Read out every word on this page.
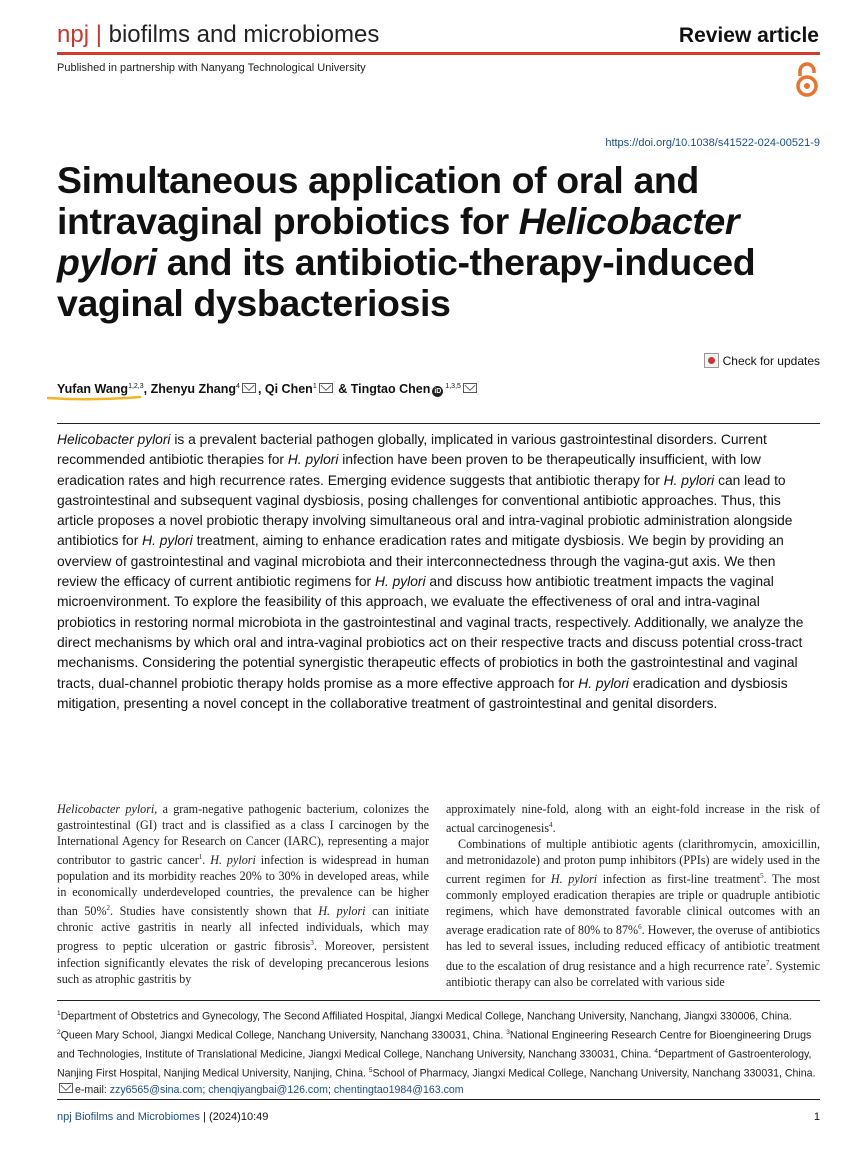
npj | biofilms and microbiomes	Review article
Published in partnership with Nanyang Technological University
https://doi.org/10.1038/s41522-024-00521-9
Simultaneous application of oral and intravaginal probiotics for Helicobacter pylori and its antibiotic-therapy-induced vaginal dysbacteriosis
Check for updates
Yufan Wang$^{1,2,3}$, Zhenyu Zhang$^4$ , Qi Chen$^1$ & Tingtao Chen iD$^{1,3,5}$

Helicobacter pylori is a prevalent bacterial pathogen globally, implicated in various gastrointestinal disorders. Current recommended antibiotic therapies for H. pylori infection have been proven to be therapeutically insufficient, with low eradication rates and high recurrence rates. Emerging evidence suggests that antibiotic therapy for H. pylori can lead to gastrointestinal and subsequent vaginal dysbiosis, posing challenges for conventional antibiotic approaches. Thus, this article proposes a novel probiotic therapy involving simultaneous oral and intra-vaginal probiotic administration alongside antibiotics for H. pylori treatment, aiming to enhance eradication rates and mitigate dysbiosis. We begin by providing an overview of gastrointestinal and vaginal microbiota and their interconnectedness through the vagina-gut axis. We then review the efficacy of current antibiotic regimens for H. pylori and discuss how antibiotic treatment impacts the vaginal microenvironment. To explore the feasibility of this approach, we evaluate the effectiveness of oral and intra-vaginal probiotics in restoring normal microbiota in the gastrointestinal and vaginal tracts, respectively. Additionally, we analyze the direct mechanisms by which oral and intra-vaginal probiotics act on their respective tracts and discuss potential cross-tract mechanisms. Considering the potential synergistic therapeutic effects of probiotics in both the gastrointestinal and vaginal tracts, dual-channel probiotic therapy holds promise as a more effective approach for H. pylori eradication and dysbiosis mitigation, presenting a novel concept in the collaborative treatment of gastrointestinal and genital disorders.

Helicobacter pylori, a gram-negative pathogenic bacterium, colonizes the gastrointestinal (GI) tract and is classified as a class I carcinogen by the International Agency for Research on Cancer (IARC), representing a major contributor to gastric cancer$^1$. H. pylori infection is widespread in human population and its morbidity reaches 20% to 30% in developed areas, while in economically underdeveloped countries, the prevalence can be higher than 50%$^2$. Studies have consistently shown that H. pylori can initiate chronic active gastritis in nearly all infected individuals, which may progress to peptic ulceration or gastric fibrosis$^3$. Moreover, persistent infection significantly elevates the risk of developing precancerous lesions such as atrophic gastritis by

approximately nine-fold, along with an eight-fold increase in the risk of actual carcinogenesis$^4$.

Combinations of multiple antibiotic agents (clarithromycin, amoxicillin, and metronidazole) and proton pump inhibitors (PPIs) are widely used in the current regimen for H. pylori infection as first-line treatment$^5$. The most commonly employed eradication therapies are triple or quadruple antibiotic regimens, which have demonstrated favorable clinical outcomes with an average eradication rate of 80% to 87%$^6$. However, the overuse of antibiotics has led to several issues, including reduced efficacy of antibiotic treatment due to the escalation of drug resistance and a high recurrence rate$^7$. Systemic antibiotic therapy can also be correlated with various side

$^1$Department of Obstetrics and Gynecology, The Second Affiliated Hospital, Jiangxi Medical College, Nanchang University, Nanchang, Jiangxi 330006, China.

$^2$Queen Mary School, Jiangxi Medical College, Nanchang University, Nanchang 330031, China. $^3$National Engineering Research Centre for Bioengineering Drugs and Technologies, Institute of Translational Medicine, Jiangxi Medical College, Nanchang University, Nanchang 330031, China. $^4$Department of Gastroenterology, Nanjing First Hospital, Nanjing Medical University, Nanjing, China. $^5$School of Pharmacy, Jiangxi Medical College, Nanchang University, Nanchang 330031, China.

e-mail: zzy6565@sina.com; chenqiyangbai@126.com; chentingtao1984@163.com

npj Biofilms and Microbiomes | (2024)10:49	1
